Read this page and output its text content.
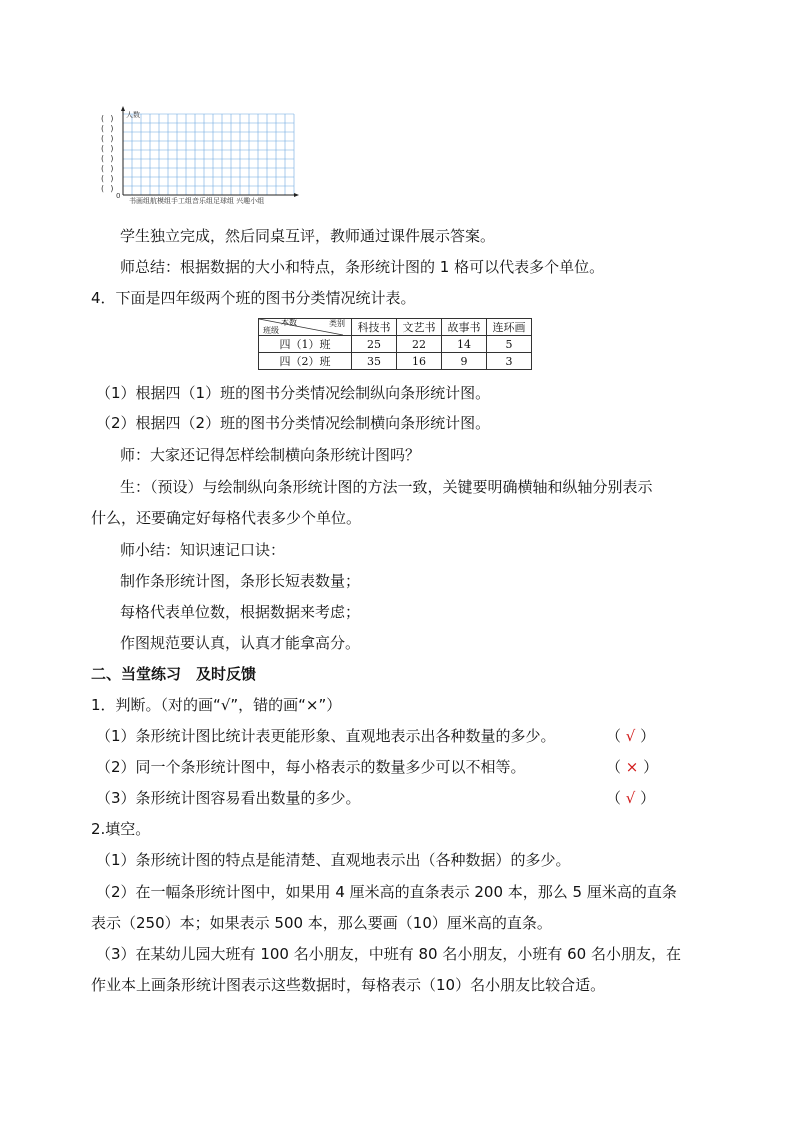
人数
( )
( )
( )
( )
( )
( )
( )
( )
0
书画组航模组手工组音乐组足球组 兴趣小组
学生独立完成，然后同桌互评，教师通过课件展示答案。
师总结：根据数据的大小和特点，条形统计图的 1 格可以代表多个单位。
4．下面是四年级两个班的图书分类情况统计表。
本数 类别
班级	科技书	文艺书	故事书	连环画
四（1）班	25	22	14	5
四（2）班	35	16	9	3
（1）根据四（1）班的图书分类情况绘制纵向条形统计图。
（2）根据四（2）班的图书分类情况绘制横向条形统计图。
师：大家还记得怎样绘制横向条形统计图吗？
生：（预设）与绘制纵向条形统计图的方法一致，关键要明确横轴和纵轴分别表示
什么，还要确定好每格代表多少个单位。
师小结：知识速记口诀：
制作条形统计图，条形长短表数量；
每格代表单位数，根据数据来考虑；
作图规范要认真，认真才能拿高分。
二、当堂练习　及时反馈
1．判断。（对的画“√”，错的画“×”）
（1）条形统计图比统计表更能形象、直观地表示出各种数量的多少。	（ √ ）
（2）同一个条形统计图中，每小格表示的数量多少可以不相等。	（ × ）
（3）条形统计图容易看出数量的多少。	（ √ ）
2.填空。
（1）条形统计图的特点是能清楚、直观地表示出（各种数据）的多少。
（2）在一幅条形统计图中，如果用 4 厘米高的直条表示 200 本，那么 5 厘米高的直条
表示（250）本；如果表示 500 本，那么要画（10）厘米高的直条。
（3）在某幼儿园大班有 100 名小朋友，中班有 80 名小朋友，小班有 60 名小朋友，在
作业本上画条形统计图表示这些数据时，每格表示（10）名小朋友比较合适。
